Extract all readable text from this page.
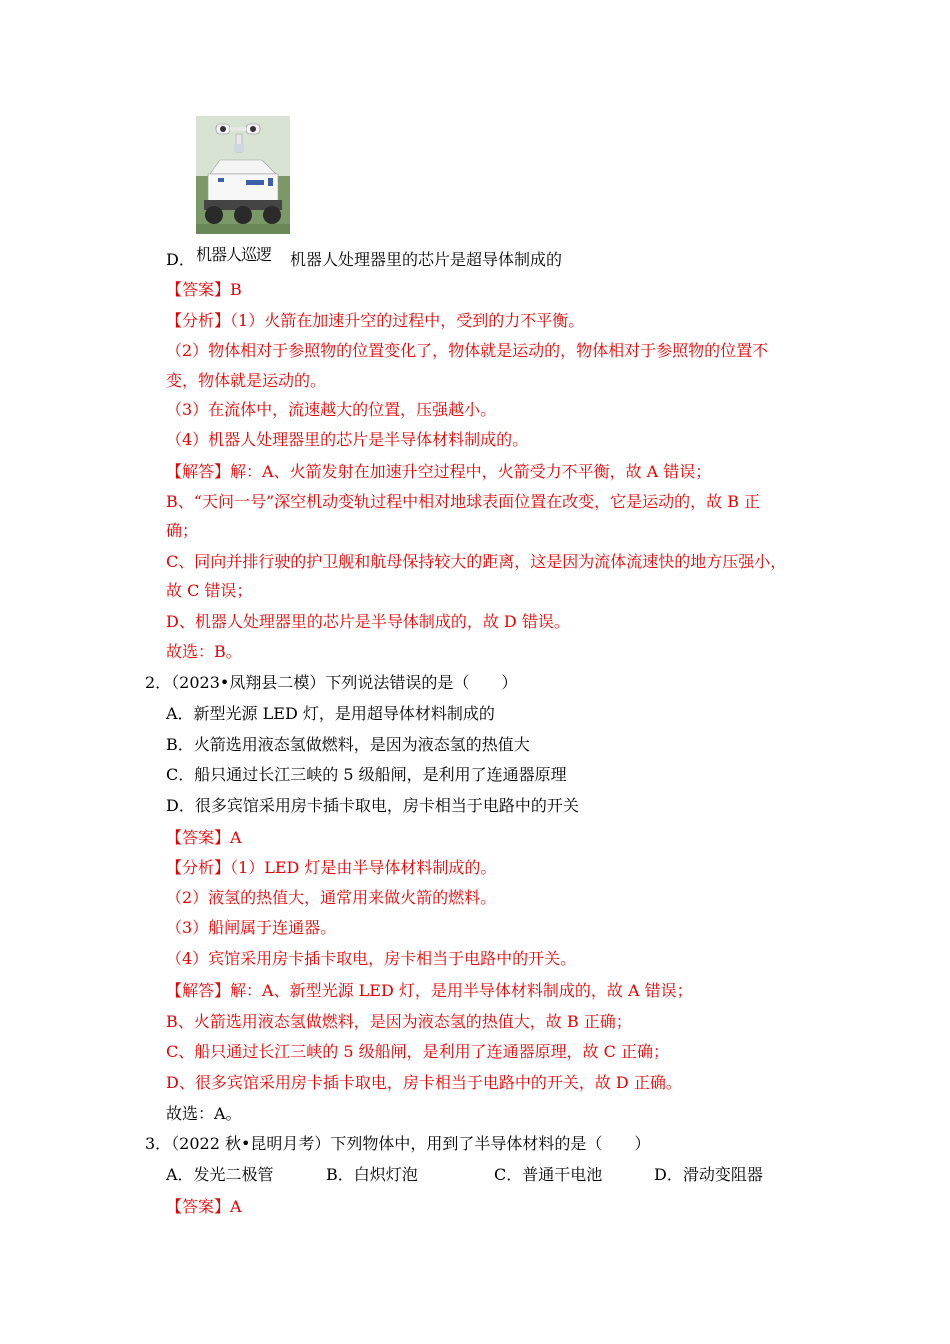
D． 机器人巡逻 机器人处理器里的芯片是超导体制成的
【答案】B
【分析】（1）火箭在加速升空的过程中，受到的力不平衡。
（2）物体相对于参照物的位置变化了，物体就是运动的，物体相对于参照物的位置不
变，物体就是运动的。
（3）在流体中，流速越大的位置，压强越小。
（4）机器人处理器里的芯片是半导体材料制成的。
【解答】解：A、火箭发射在加速升空过程中，火箭受力不平衡，故 A 错误；
B、“天问一号”深空机动变轨过程中相对地球表面位置在改变，它是运动的，故 B 正
确；
C、同向并排行驶的护卫舰和航母保持较大的距离，这是因为流体流速快的地方压强小，
故 C 错误；
D、机器人处理器里的芯片是半导体制成的，故 D 错误。
故选：B。
2．（2023•凤翔县二模）下列说法错误的是（　　）
A．新型光源 LED 灯，是用超导体材料制成的
B．火箭选用液态氢做燃料，是因为液态氢的热值大
C．船只通过长江三峡的 5 级船闸，是利用了连通器原理
D．很多宾馆采用房卡插卡取电，房卡相当于电路中的开关
【答案】A
【分析】（1）LED 灯是由半导体材料制成的。
（2）液氢的热值大，通常用来做火箭的燃料。
（3）船闸属于连通器。
（4）宾馆采用房卡插卡取电，房卡相当于电路中的开关。
【解答】解：A、新型光源 LED 灯，是用半导体材料制成的，故 A 错误；
B、火箭选用液态氢做燃料，是因为液态氢的热值大，故 B 正确；
C、船只通过长江三峡的 5 级船闸，是利用了连通器原理，故 C 正确；
D、很多宾馆采用房卡插卡取电，房卡相当于电路中的开关，故 D 正确。
故选：A。
3．（2022 秋•昆明月考）下列物体中，用到了半导体材料的是（　　）
A．发光二极管	B．白炽灯泡	C．普通干电池	D．滑动变阻器
【答案】A
